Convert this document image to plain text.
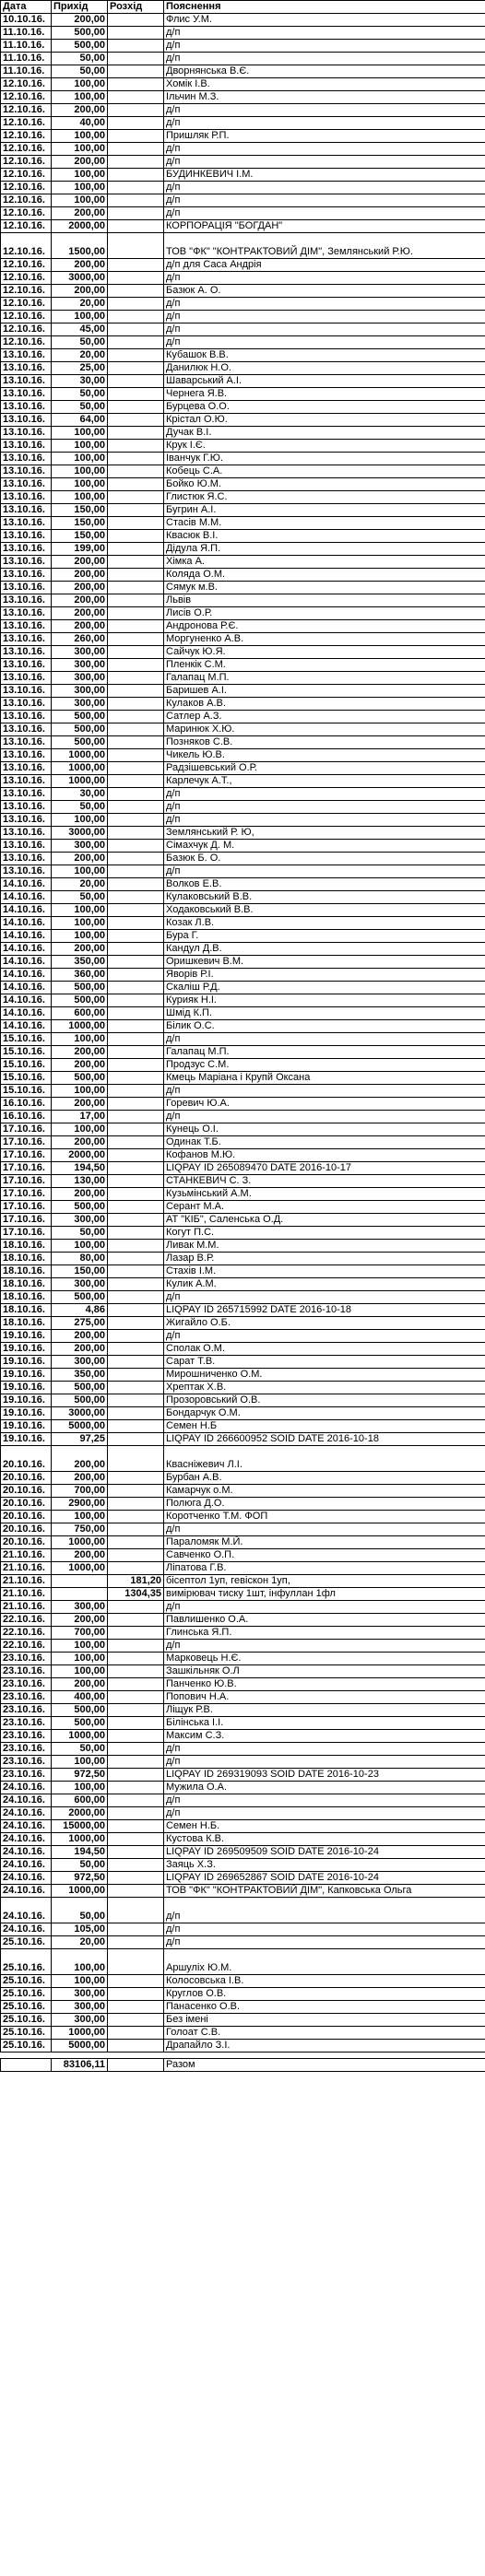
Дата	Прихід	Розхід	Пояснення
10.10.16.	200,00		Флис У.М.
11.10.16.	500,00		д/п
11.10.16.	500,00		д/п
11.10.16.	50,00		д/п
11.10.16.	50,00		Дворнянська В.Є.
12.10.16.	100,00		Хомік І.В.
12.10.16.	100,00		Ільчин М.З.
12.10.16.	200,00		д/п
12.10.16.	40,00		д/п
12.10.16.	100,00		Пришляк Р.П.
12.10.16.	100,00		д/п
12.10.16.	200,00		д/п
12.10.16.	100,00		БУДИНКЕВИЧ І.М.
12.10.16.	100,00		д/п
12.10.16.	100,00		д/п
12.10.16.	200,00		д/п
12.10.16.	2000,00		КОРПОРАЦІЯ "БОГДАН"
12.10.16.	1500,00		ТОВ "ФК" "КОНТРАКТОВИЙ ДІМ", Землянський Р.Ю.
12.10.16.	200,00		д/п для Саса Андрія
12.10.16.	3000,00		д/п
12.10.16.	200,00		Базюк А. О.
12.10.16.	20,00		д/п
12.10.16.	100,00		д/п
12.10.16.	45,00		д/п
12.10.16.	50,00		д/п
13.10.16.	20,00		Кубашок В.В.
13.10.16.	25,00		Данилюк Н.О.
13.10.16.	30,00		Шаварський А.І.
13.10.16.	50,00		Чернега Я.В.
13.10.16.	50,00		Бурцева О.О.
13.10.16.	64,00		Крістал О.Ю.
13.10.16.	100,00		Дучак В.І.
13.10.16.	100,00		Крук І.Є.
13.10.16.	100,00		Іванчук Г.Ю.
13.10.16.	100,00		Кобець С.А.
13.10.16.	100,00		Бойко Ю.М.
13.10.16.	100,00		Глистюк Я.С.
13.10.16.	150,00		Бугрин А.І.
13.10.16.	150,00		Стасів М.М.
13.10.16.	150,00		Квасюк В.І.
13.10.16.	199,00		Дідула Я.П.
13.10.16.	200,00		Хімка А.
13.10.16.	200,00		Коляда О.М.
13.10.16.	200,00		Сямук м.В.
13.10.16.	200,00		Львів
13.10.16.	200,00		Лисів О.Р.
13.10.16.	200,00		Андронова Р.Є.
13.10.16.	260,00		Моргуненко А.В.
13.10.16.	300,00		Сайчук Ю.Я.
13.10.16.	300,00		Пленкік С.М.
13.10.16.	300,00		Галапац М.П.
13.10.16.	300,00		Баришев А.І.
13.10.16.	300,00		Кулаков А.В.
13.10.16.	500,00		Сатлер А.З.
13.10.16.	500,00		Маринюк Х.Ю.
13.10.16.	500,00		Позняков С.В.
13.10.16.	1000,00		Чикель Ю.В.
13.10.16.	1000,00		Радзішевський О.Р.
13.10.16.	1000,00		Карлечук А.Т.,
13.10.16.	30,00		д/п
13.10.16.	50,00		д/п
13.10.16.	100,00		д/п
13.10.16.	3000,00		Землянський Р. Ю,
13.10.16.	300,00		Сімахчук Д. М.
13.10.16.	200,00		Базюк Б. О.
13.10.16.	100,00		д/п
14.10.16.	20,00		Волков Е.В.
14.10.16.	50,00		Кулаковський В.В.
14.10.16.	100,00		Ходаковський В.В.
14.10.16.	100,00		Козак Л.В.
14.10.16.	100,00		Бура Г.
14.10.16.	200,00		Кандул Д.В.
14.10.16.	350,00		Оришкевич В.М.
14.10.16.	360,00		Яворів Р.І.
14.10.16.	500,00		Скаліш Р.Д.
14.10.16.	500,00		Курияк Н.І.
14.10.16.	600,00		Шмід К.П.
14.10.16.	1000,00		Білик О.С.
15.10.16.	100,00		д/п
15.10.16.	200,00		Галапац М.П.
15.10.16.	200,00		Продзус С.М.
15.10.16.	500,00		Кмець Маріана і Крупй Оксана
15.10.16.	100,00		д/п
16.10.16.	200,00		Горевич Ю.А.
16.10.16.	17,00		д/п
17.10.16.	100,00		Кунець О.І.
17.10.16.	200,00		Одинак Т.Б.
17.10.16.	2000,00		Кофанов М.Ю.
17.10.16.	194,50		LIQPAY ID 265089470 DATE 2016-10-17
17.10.16.	130,00		СТАНКЕВИЧ С. З.
17.10.16.	200,00		Кузьмінський А.М.
17.10.16.	500,00		Серант М.А.
17.10.16.	300,00		АТ "КІБ", Саленська О.Д.
17.10.16.	50,00		Когут П.С.
18.10.16.	100,00		Ливак М.М.
18.10.16.	80,00		Лазар В.Р.
18.10.16.	150,00		Стахів І.М.
18.10.16.	300,00		Кулик А.М.
18.10.16.	500,00		д/п
18.10.16.	4,86		LIQPAY ID 265715992 DATE 2016-10-18
18.10.16.	275,00		Жигайло О.Б.
19.10.16.	200,00		д/п
19.10.16.	200,00		Сполак О.М.
19.10.16.	300,00		Сарат Т.В.
19.10.16.	350,00		Мирошниченко О.М.
19.10.16.	500,00		Хрептак Х.В.
19.10.16.	500,00		Прозоровський О.В.
19.10.16.	3000,00		Бондарчук О.М.
19.10.16.	5000,00		Семен Н.Б
19.10.16.	97,25		LIQPAY ID 266600952 SOID DATE 2016-10-18
20.10.16.	200,00		Квасніжевич Л.І.
20.10.16.	200,00		Бурбан А.В.
20.10.16.	700,00		Камарчук о.М.
20.10.16.	2900,00		Полюга Д.О.
20.10.16.	100,00		Коротченко Т.М. ФОП
20.10.16.	750,00		д/п
20.10.16.	1000,00		Параломяк М.Й.
21.10.16.	200,00		Савченко О.П.
21.10.16.	1000,00		Ліпатова Г.В.
21.10.16.		181,20	бісептол 1уп, гевіскон 1уп,
21.10.16.		1304,35	вимірювач тиску 1шт, інфуллан 1фл
21.10.16.	300,00		д/п
22.10.16.	200,00		Павлишенко О.А.
22.10.16.	700,00		Глинська Я.П.
22.10.16.	100,00		д/п
23.10.16.	100,00		Марковець Н.Є.
23.10.16.	100,00		Зашкільняк О.Л
23.10.16.	200,00		Панченко Ю.В.
23.10.16.	400,00		Попович Н.А.
23.10.16.	500,00		Ліщук Р.В.
23.10.16.	500,00		Білінська І.І.
23.10.16.	1000,00		Максим С.З.
23.10.16.	50,00		д/п
23.10.16.	100,00		д/п
23.10.16.	972,50		LIQPAY ID 269319093 SOID DATE 2016-10-23
24.10.16.	100,00		Мужила О.А.
24.10.16.	600,00		д/п
24.10.16.	2000,00		д/п
24.10.16.	15000,00		Семен Н.Б.
24.10.16.	1000,00		Кустова К.В.
24.10.16.	194,50		LIQPAY ID 269509509 SOID DATE 2016-10-24
24.10.16.	50,00		Заяць Х.З.
24.10.16.	972,50		LIQPAY ID 269652867 SOID DATE 2016-10-24
24.10.16.	1000,00		ТОВ "ФК" "КОНТРАКТОВИЙ ДІМ", Капковська Ольга
24.10.16.	50,00		д/п
24.10.16.	105,00		д/п
25.10.16.	20,00		д/п
25.10.16.	100,00		Аршуліх Ю.М.
25.10.16.	100,00		Колосовська І.В.
25.10.16.	300,00		Круглов О.В.
25.10.16.	300,00		Панасенко О.В.
25.10.16.	300,00		Без імені
25.10.16.	1000,00		Голоат С.В.
25.10.16.	5000,00		Драпайло З.І.
	83106,11		Разом
